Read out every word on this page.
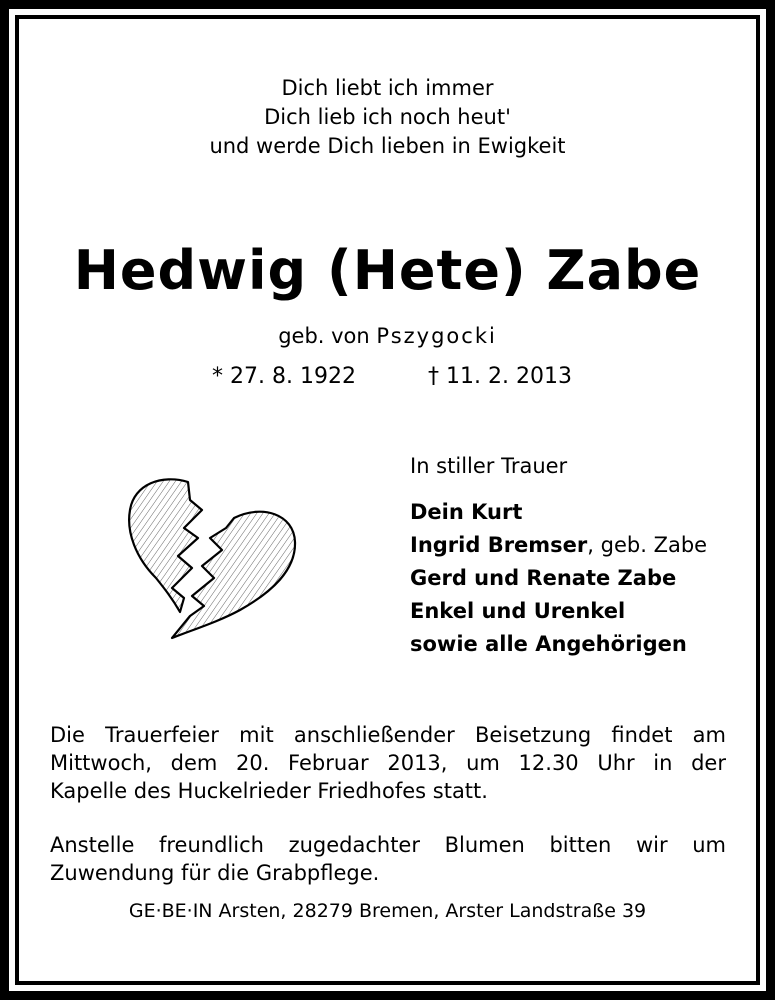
Dich liebt ich immer
Dich lieb ich noch heut'
und werde Dich lieben in Ewigkeit
Hedwig (Hete) Zabe
geb. von Pszygocki
* 27. 8. 1922	† 11. 2. 2013
In stiller Trauer
Dein Kurt
Ingrid Bremser, geb. Zabe
Gerd und Renate Zabe
Enkel und Urenkel
sowie alle Angehörigen
Die Trauerfeier mit anschließender Beisetzung findet am
Mittwoch, dem 20. Februar 2013, um 12.30 Uhr in der
Kapelle des Huckelrieder Friedhofes statt.
Anstelle freundlich zugedachter Blumen bitten wir um
Zuwendung für die Grabpflege.
GE·BE·IN Arsten, 28279 Bremen, Arster Landstraße 39
